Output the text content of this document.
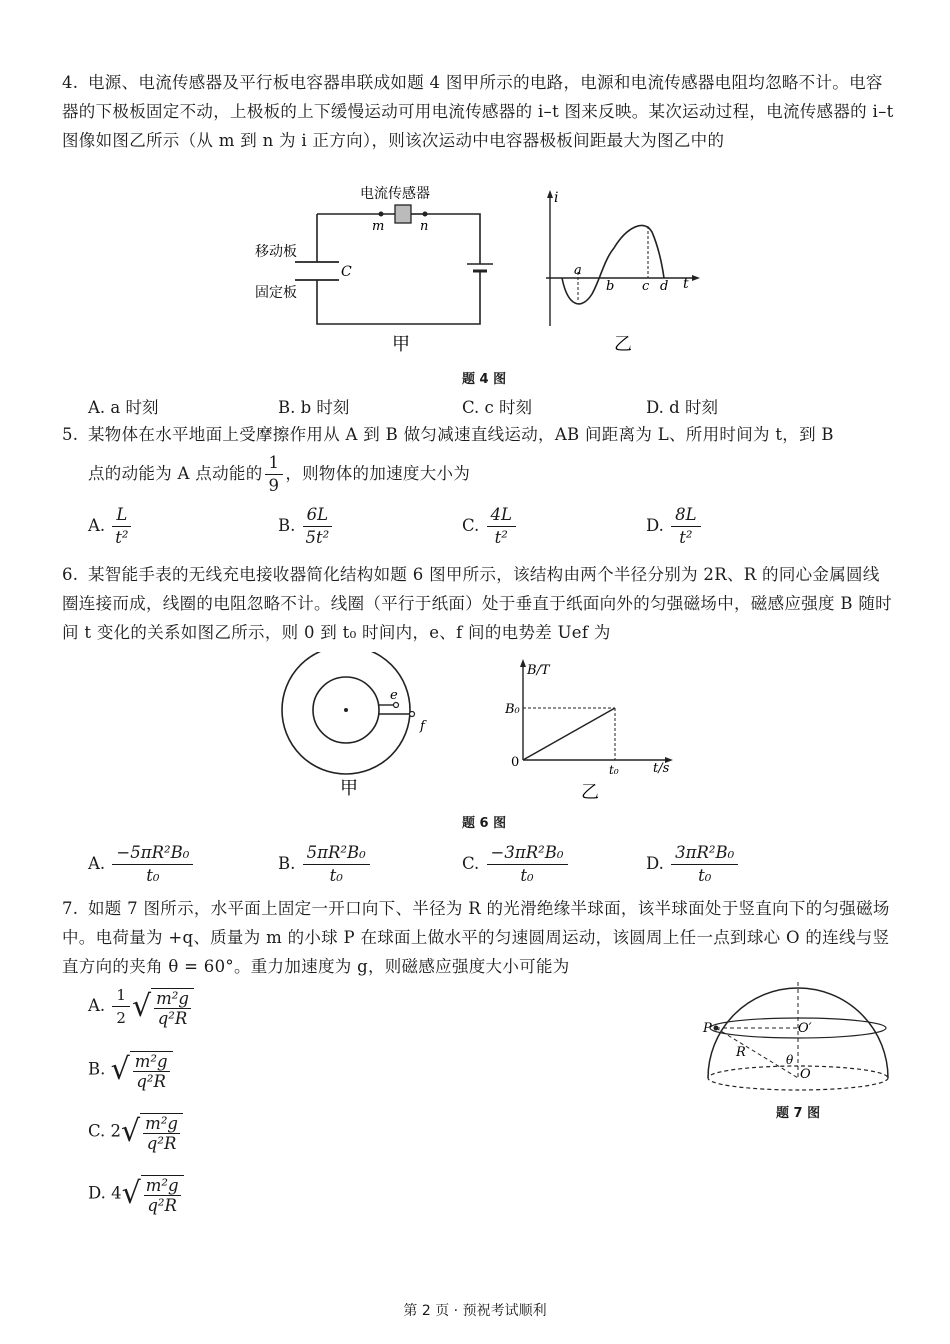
4. 电源、电流传感器及平行板电容器串联成如题 4 图甲所示的电路，电源和电流传感器电阻均忽略不计。电容器的下极板固定不动，上极板的上下缓慢运动可用电流传感器的 i–t 图来反映。某次运动过程，电流传感器的 i–t 图像如图乙所示（从 m 到 n 为 i 正方向），则该次运动中电容器极板间距最大为图乙中的
电流传感器
m	n
移动板
固定板
C
甲
i
t
a
b c d
乙
题 4 图
A. a 时刻	B. b 时刻	C. c 时刻	D. d 时刻
5. 某物体在水平地面上受摩擦作用从 A 到 B 做匀减速直线运动，AB 间距离为 L、所用时间为 t，到 B
点的动能为 A 点动能的 $\frac{1}{9}$ ，则物体的加速度大小为
A. $\frac{L}{\text{t²}}$	B. $\frac{6L}{\text{5t²}}$	C. $\frac{4L}{\text{t²}}$	D. $\frac{8L}{\text{t²}}$
6. 某智能手表的无线充电接收器简化结构如题 6 图甲所示，该结构由两个半径分别为 2R、R 的同心金属圆线圈连接而成，线圈的电阻忽略不计。线圈（平行于纸面）处于垂直于纸面向外的匀强磁场中，磁感应强度 B 随时间 t 变化的关系如图乙所示，则 0 到 t₀ 时间内，e、f 间的电势差 Uef 为
e
f
甲
B/T
t/s
B₀
t₀
0
乙
题 6 图
A. $\frac{\text{−5πR²B₀}}{\text{t₀}}$	B. $\frac{\text{5πR²B₀}}{\text{t₀}}$	C. $\frac{\text{−3πR²B₀}}{\text{t₀}}$	D. $\frac{\text{3πR²B₀}}{\text{t₀}}$
7. 如题 7 图所示，水平面上固定一开口向下、半径为 R 的光滑绝缘半球面，该半球面处于竖直向下的匀强磁场中。电荷量为 +q、质量为 m 的小球 P 在球面上做水平的匀速圆周运动，该圆周上任一点到球心 O 的连线与竖直方向的夹角 θ = 60°。重力加速度为 g，则磁感应强度大小可能为
A. $\frac{1}{2}$ √ m²g
q²R
B. √ m²g
q²R
C. 2 √ m²g
q²R
D. 4 √ m²g
q²R
P	O′
R	θ
O
题 7 图
第 2 页 · 预祝考试顺利
